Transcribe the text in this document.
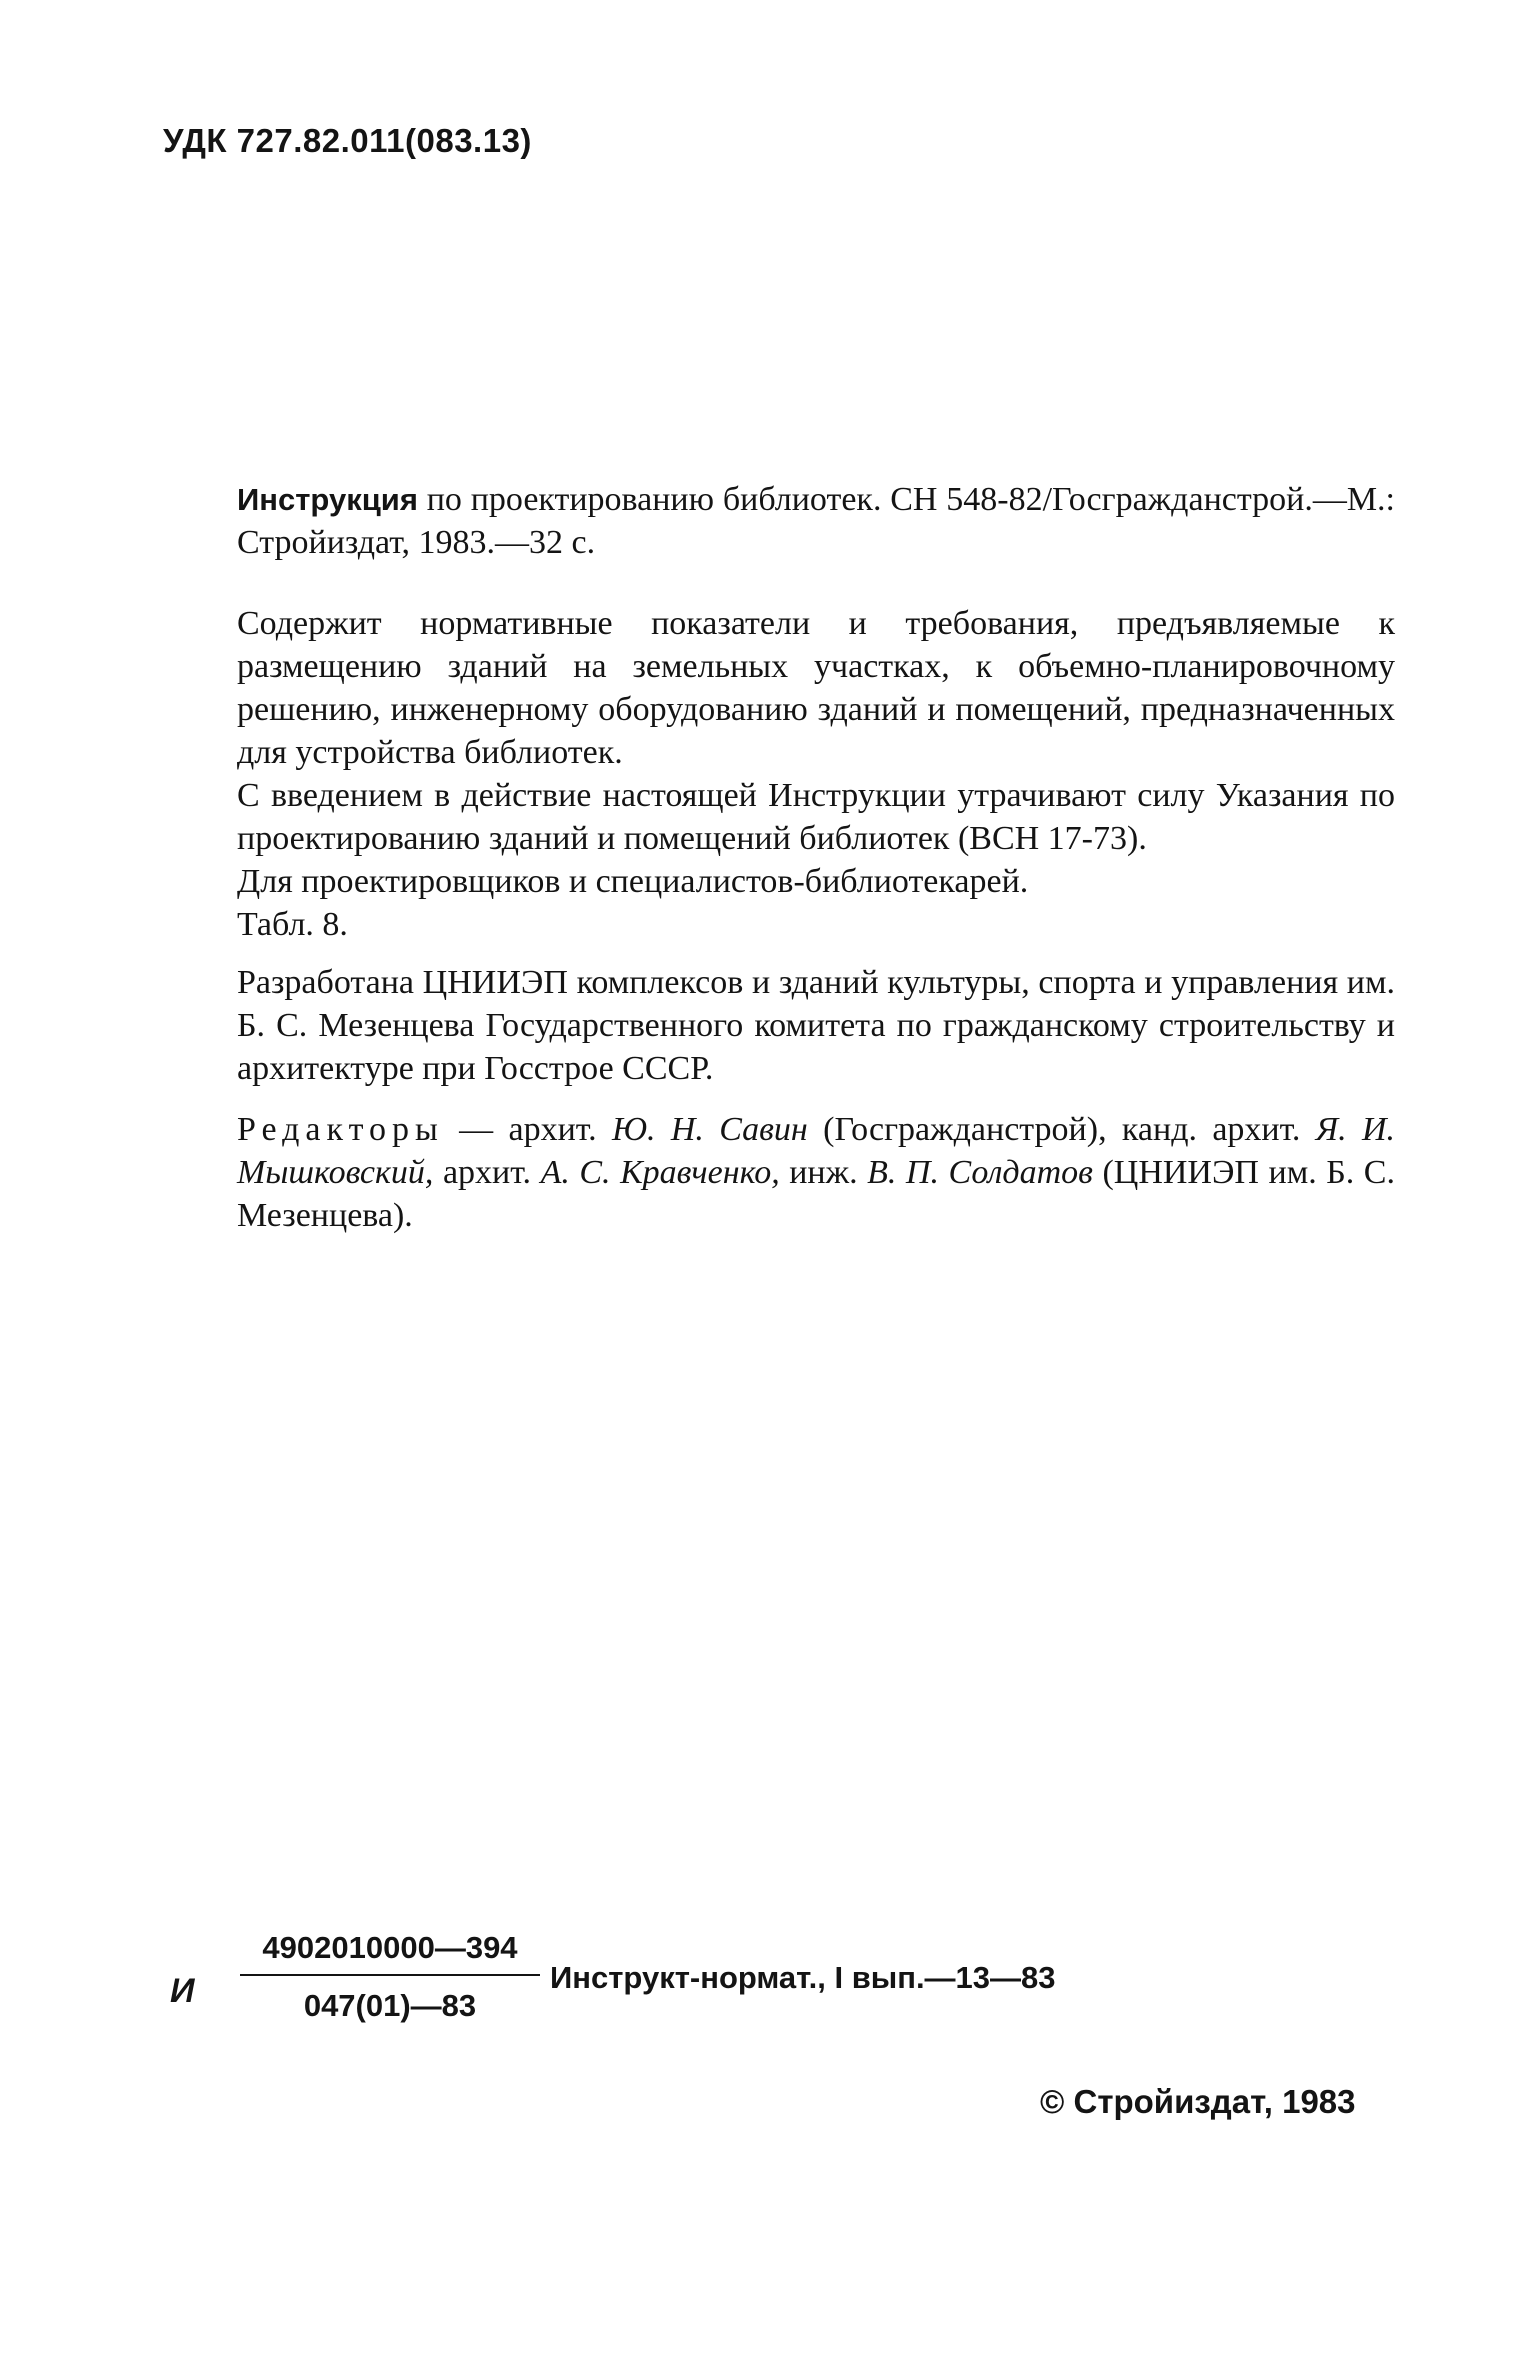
УДК 727.82.011(083.13)

Инструкция по проектированию библиотек. СН 548-82/Госгражданстрой.—М.: Стройиздат, 1983.—32 с.

Содержит нормативные показатели и требования, предъявляемые к размещению зданий на земельных участках, к объемно-планировочному решению, инженерному оборудованию зданий и помещений, предназначенных для устройства библиотек.

С введением в действие настоящей Инструкции утрачивают силу Указания по проектированию зданий и помещений библиотек (ВСН 17-73).

Для проектировщиков и специалистов-библиотекарей.

Табл. 8.

Разработана ЦНИИЭП комплексов и зданий культуры, спорта и управления им. Б. С. Мезенцева Государственного комитета по гражданскому строительству и архитектуре при Госстрое СССР.

Редакторы — архит. Ю. Н. Савин (Госгражданстрой), канд. архит. Я. И. Мышковский, архит. А. С. Кравченко, инж. В. П. Солдатов (ЦНИИЭП им. Б. С. Мезенцева).

И $\frac{4902010000—394}{047(01)—83}$ Инструкт-нормат., I вып.—13—83
© Стройиздат, 1983
